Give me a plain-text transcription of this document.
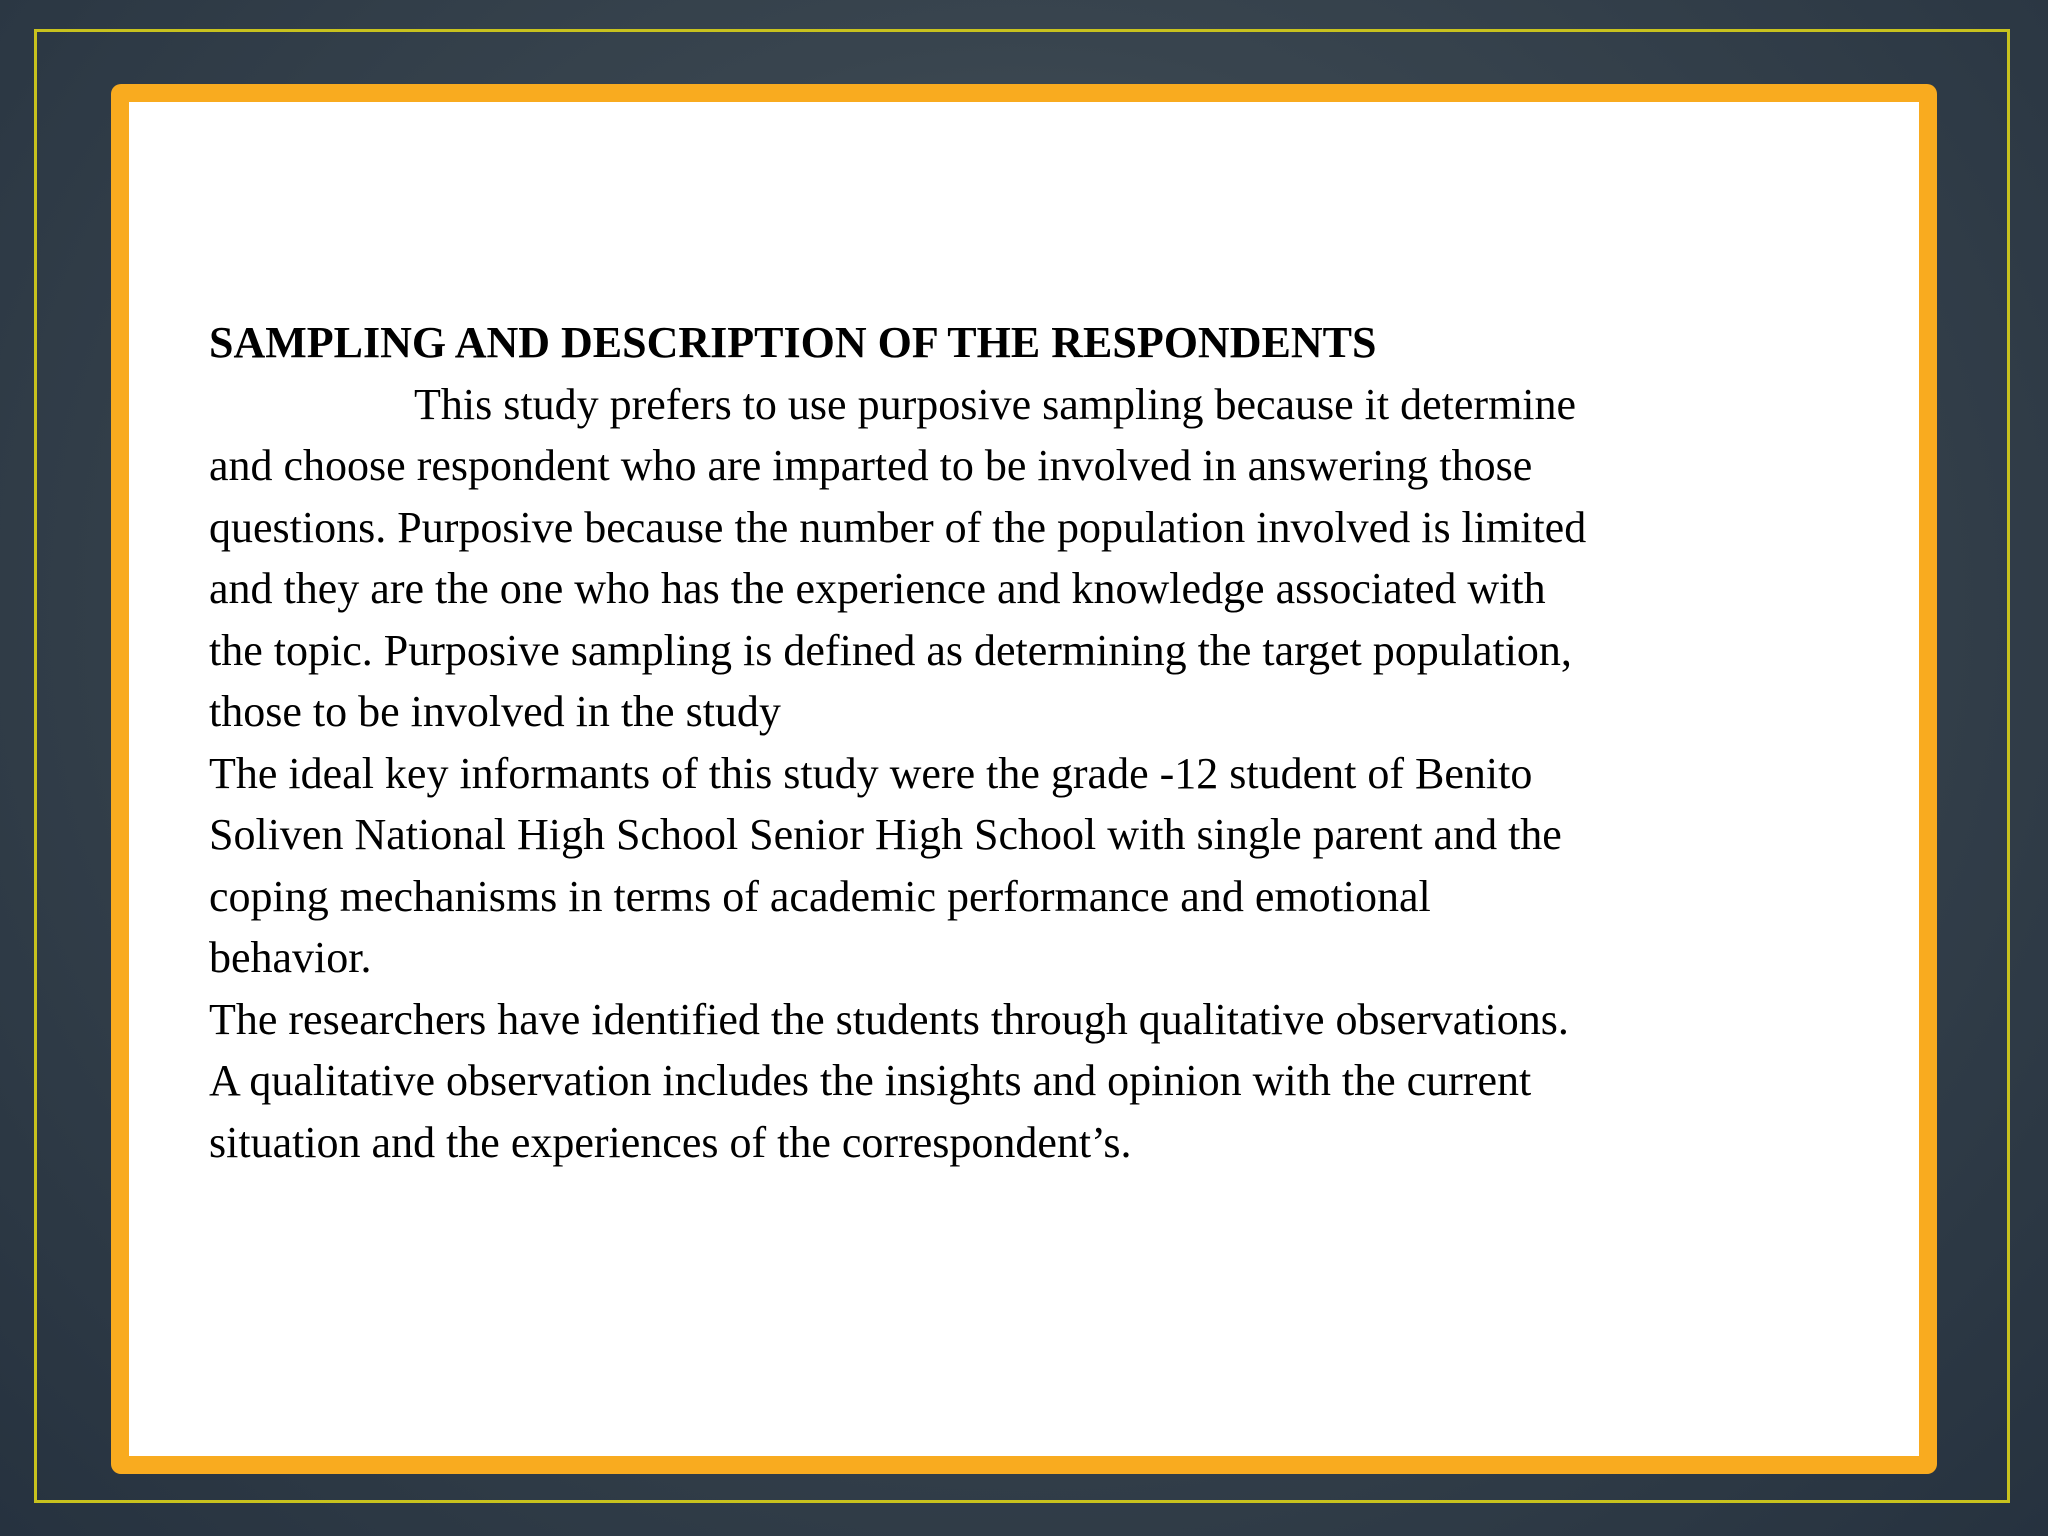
SAMPLING AND DESCRIPTION OF THE RESPONDENTS
This study prefers to use purposive sampling because it determine
and choose respondent who are imparted to be involved in answering those
questions. Purposive because the number of the population involved is limited
and they are the one who has the experience and knowledge associated with
the topic. Purposive sampling is defined as determining the target population,
those to be involved in the study
The ideal key informants of this study were the grade -12 student of Benito
Soliven National High School Senior High School with single parent and the
coping mechanisms in terms of academic performance and emotional
behavior.
The researchers have identified the students through qualitative observations.
A qualitative observation includes the insights and opinion with the current
situation and the experiences of the correspondent’s.
